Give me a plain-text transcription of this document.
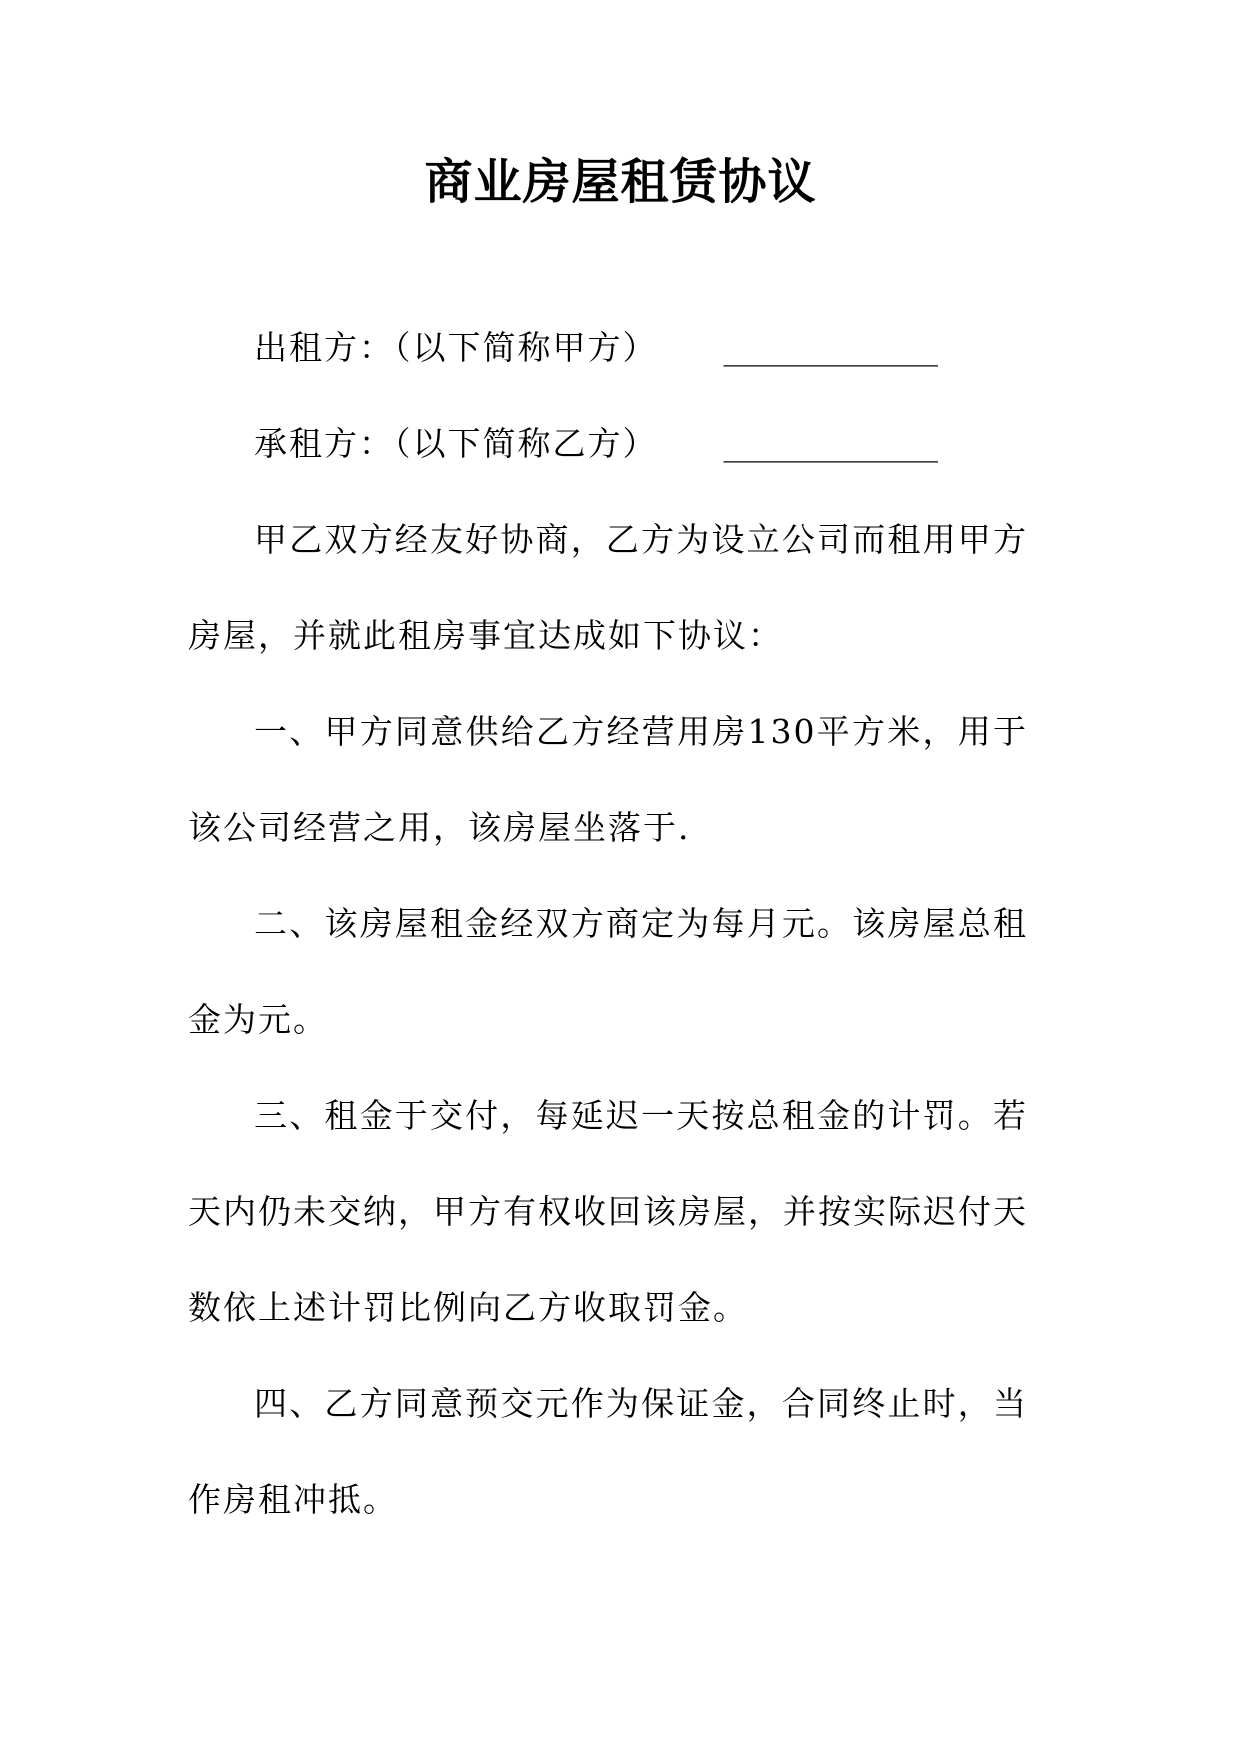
商业房屋租赁协议

出租方：（以下简称甲方） _____________

承租方：（以下简称乙方） _____________

甲乙双方经友好协商，乙方为设立公司而租用甲方房屋，并就此租房事宜达成如下协议：

一、甲方同意供给乙方经营用房130平方米，用于该公司经营之用，该房屋坐落于.

二、该房屋租金经双方商定为每月元。该房屋总租金为元。

三、租金于交付，每延迟一天按总租金的计罚。若天内仍未交纳，甲方有权收回该房屋，并按实际迟付天数依上述计罚比例向乙方收取罚金。

四、乙方同意预交元作为保证金，合同终止时，当作房租冲抵。
